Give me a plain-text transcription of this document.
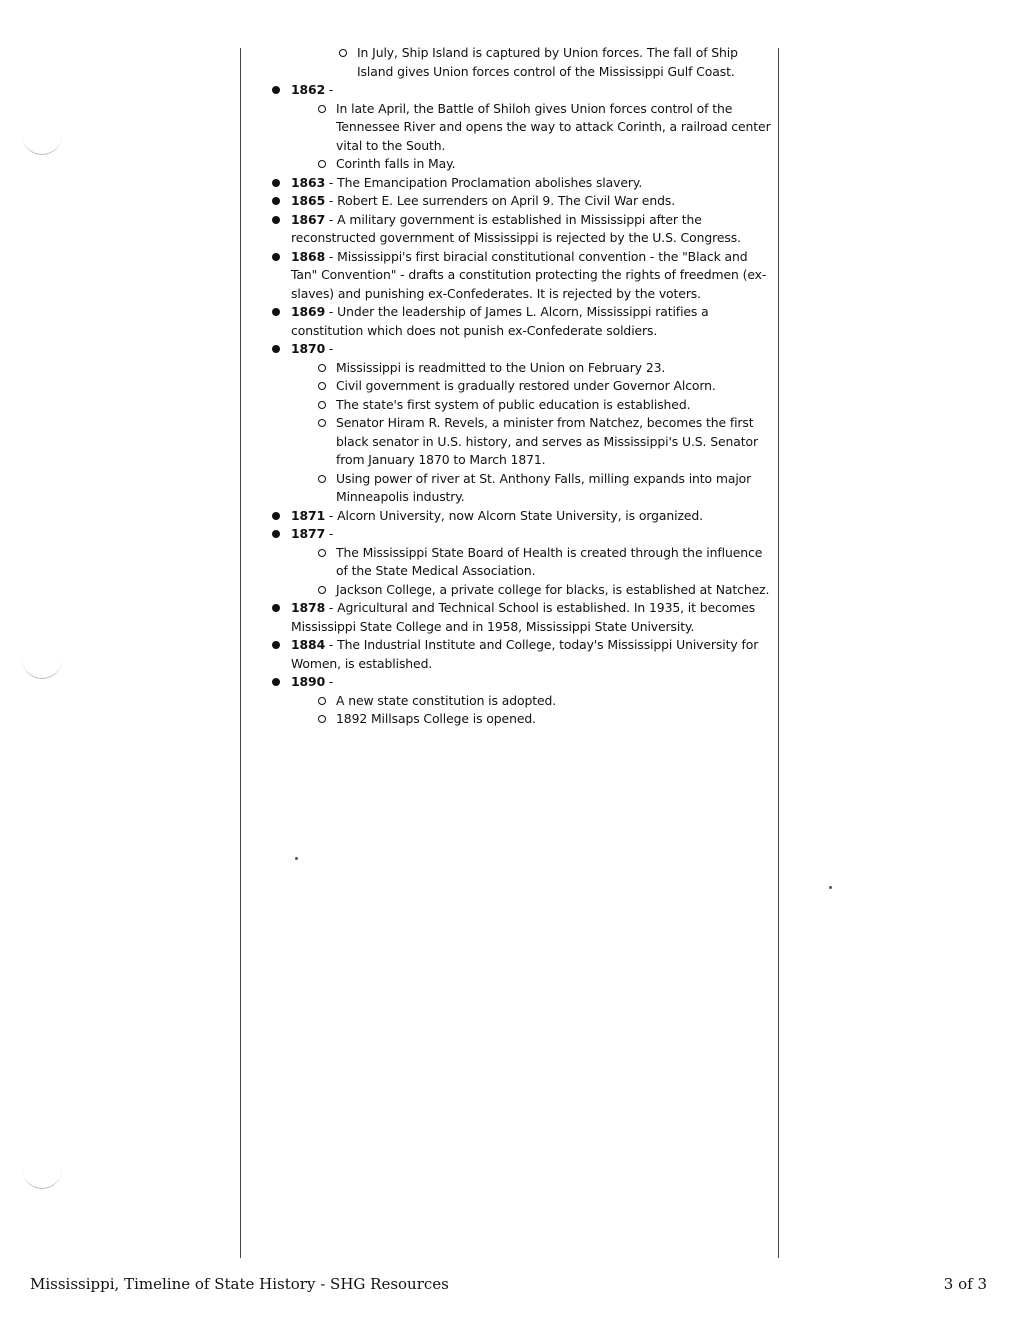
In July, Ship Island is captured by Union forces. The fall of Ship Island gives Union forces control of the Mississippi Gulf Coast.
1862 -
In late April, the Battle of Shiloh gives Union forces control of the Tennessee River and opens the way to attack Corinth, a railroad center vital to the South.
Corinth falls in May.
1863 - The Emancipation Proclamation abolishes slavery.
1865 - Robert E. Lee surrenders on April 9. The Civil War ends.
1867 - A military government is established in Mississippi after the reconstructed government of Mississippi is rejected by the U.S. Congress.
1868 - Mississippi's first biracial constitutional convention - the "Black and Tan" Convention" - drafts a constitution protecting the rights of freedmen (ex-slaves) and punishing ex-Confederates. It is rejected by the voters.
1869 - Under the leadership of James L. Alcorn, Mississippi ratifies a constitution which does not punish ex-Confederate soldiers.
1870 -
Mississippi is readmitted to the Union on February 23.
Civil government is gradually restored under Governor Alcorn.
The state's first system of public education is established.
Senator Hiram R. Revels, a minister from Natchez, becomes the first black senator in U.S. history, and serves as Mississippi's U.S. Senator from January 1870 to March 1871.
Using power of river at St. Anthony Falls, milling expands into major Minneapolis industry.
1871 - Alcorn University, now Alcorn State University, is organized.
1877 -
The Mississippi State Board of Health is created through the influence of the State Medical Association.
Jackson College, a private college for blacks, is established at Natchez.
1878 - Agricultural and Technical School is established. In 1935, it becomes Mississippi State College and in 1958, Mississippi State University.
1884 - The Industrial Institute and College, today's Mississippi University for Women, is established.
1890 -
A new state constitution is adopted.
1892 Millsaps College is opened.
Mississippi, Timeline of State History - SHG Resources	3 of 3
